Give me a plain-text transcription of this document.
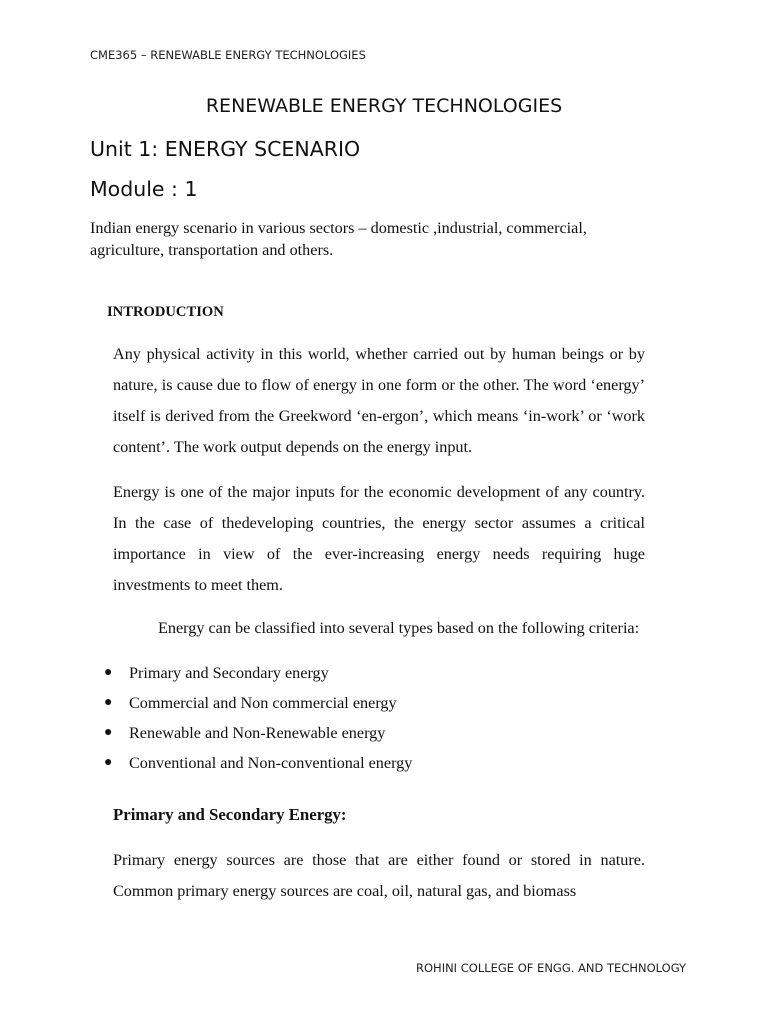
CME365 – RENEWABLE ENERGY TECHNOLOGIES
RENEWABLE ENERGY TECHNOLOGIES
Unit 1: ENERGY SCENARIO
Module : 1

Indian energy scenario in various sectors – domestic ,industrial, commercial, agriculture, transportation and others.

INTRODUCTION

Any physical activity in this world, whether carried out by human beings or by nature, is cause due to flow of energy in one form or the other. The word ‘energy’ itself is derived from the Greekword ‘en-ergon’, which means ‘in-work’ or ‘work content’. The work output depends on the energy input.

Energy is one of the major inputs for the economic development of any country. In the case of thedeveloping countries, the energy sector assumes a critical importance in view of the ever-increasing energy needs requiring huge investments to meet them.

Energy can be classified into several types based on the following criteria:

●	Primary and Secondary energy
●	Commercial and Non commercial energy
●	Renewable and Non-Renewable energy
●	Conventional and Non-conventional energy
Primary and Secondary Energy:

Primary energy sources are those that are either found or stored in nature. Common primary energy sources are coal, oil, natural gas, and biomass

ROHINI COLLEGE OF ENGG. AND TECHNOLOGY
